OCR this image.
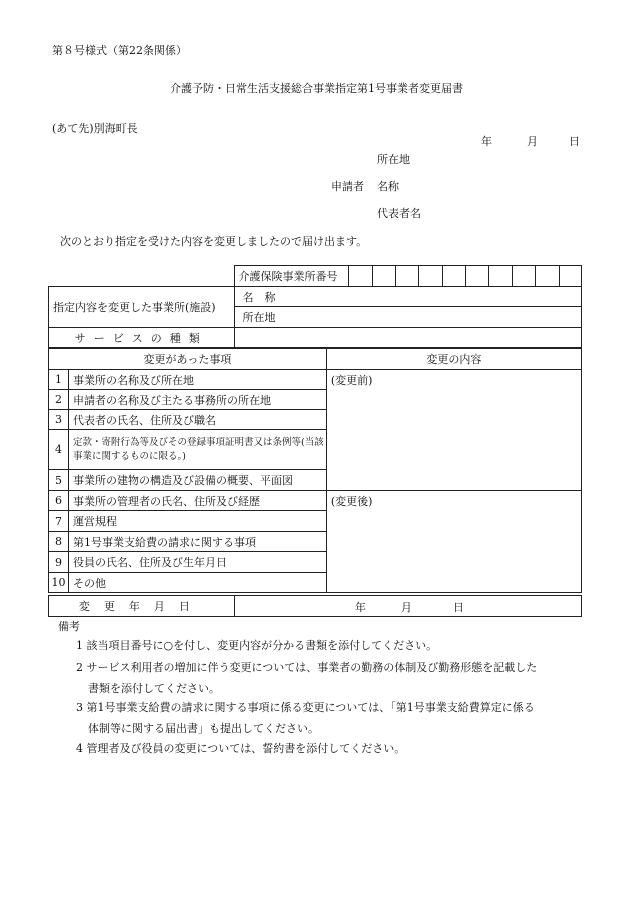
第８号様式（第22条関係）
介護予防・日常生活支援総合事業指定第1号事業者変更届書
(あて先)別海町長
年	月	日
所在地
申請者 名称
代表者名
次のとおり指定を受けた内容を変更しましたので届け出ます。
	介護保険事業所番号										
指定内容を変更した事業所(施設)	名　称										
	所在地										
サービスの種類											
変更があった事項		変更の内容
1	事業所の名称及び所在地	(変更前)
2	申請者の名称及び主たる事務所の所在地	
3	代表者の氏名、住所及び職名	
4	定款・寄附行為等及びその登録事項証明書又は条例等(当該事業に関するものに限る。)	
5	事業所の建物の構造及び設備の概要、平面図	

6	事業所の管理者の氏名、住所及び経歴	(変更後)
7	運営規程	
8	第1号事業支給費の請求に関する事項	
9	役員の氏名、住所及び生年月日	
10	その他	
変更年月日	年	月	日
備考
1 該当項目番号に○を付し、変更内容が分かる書類を添付してください。
2 サービス利用者の増加に伴う変更については、事業者の勤務の体制及び勤務形態を記載した
書類を添付してください。
3 第1号事業支給費の請求に関する事項に係る変更については、「第1号事業支給費算定に係る
体制等に関する届出書」も提出してください。
4 管理者及び役員の変更については、誓約書を添付してください。
